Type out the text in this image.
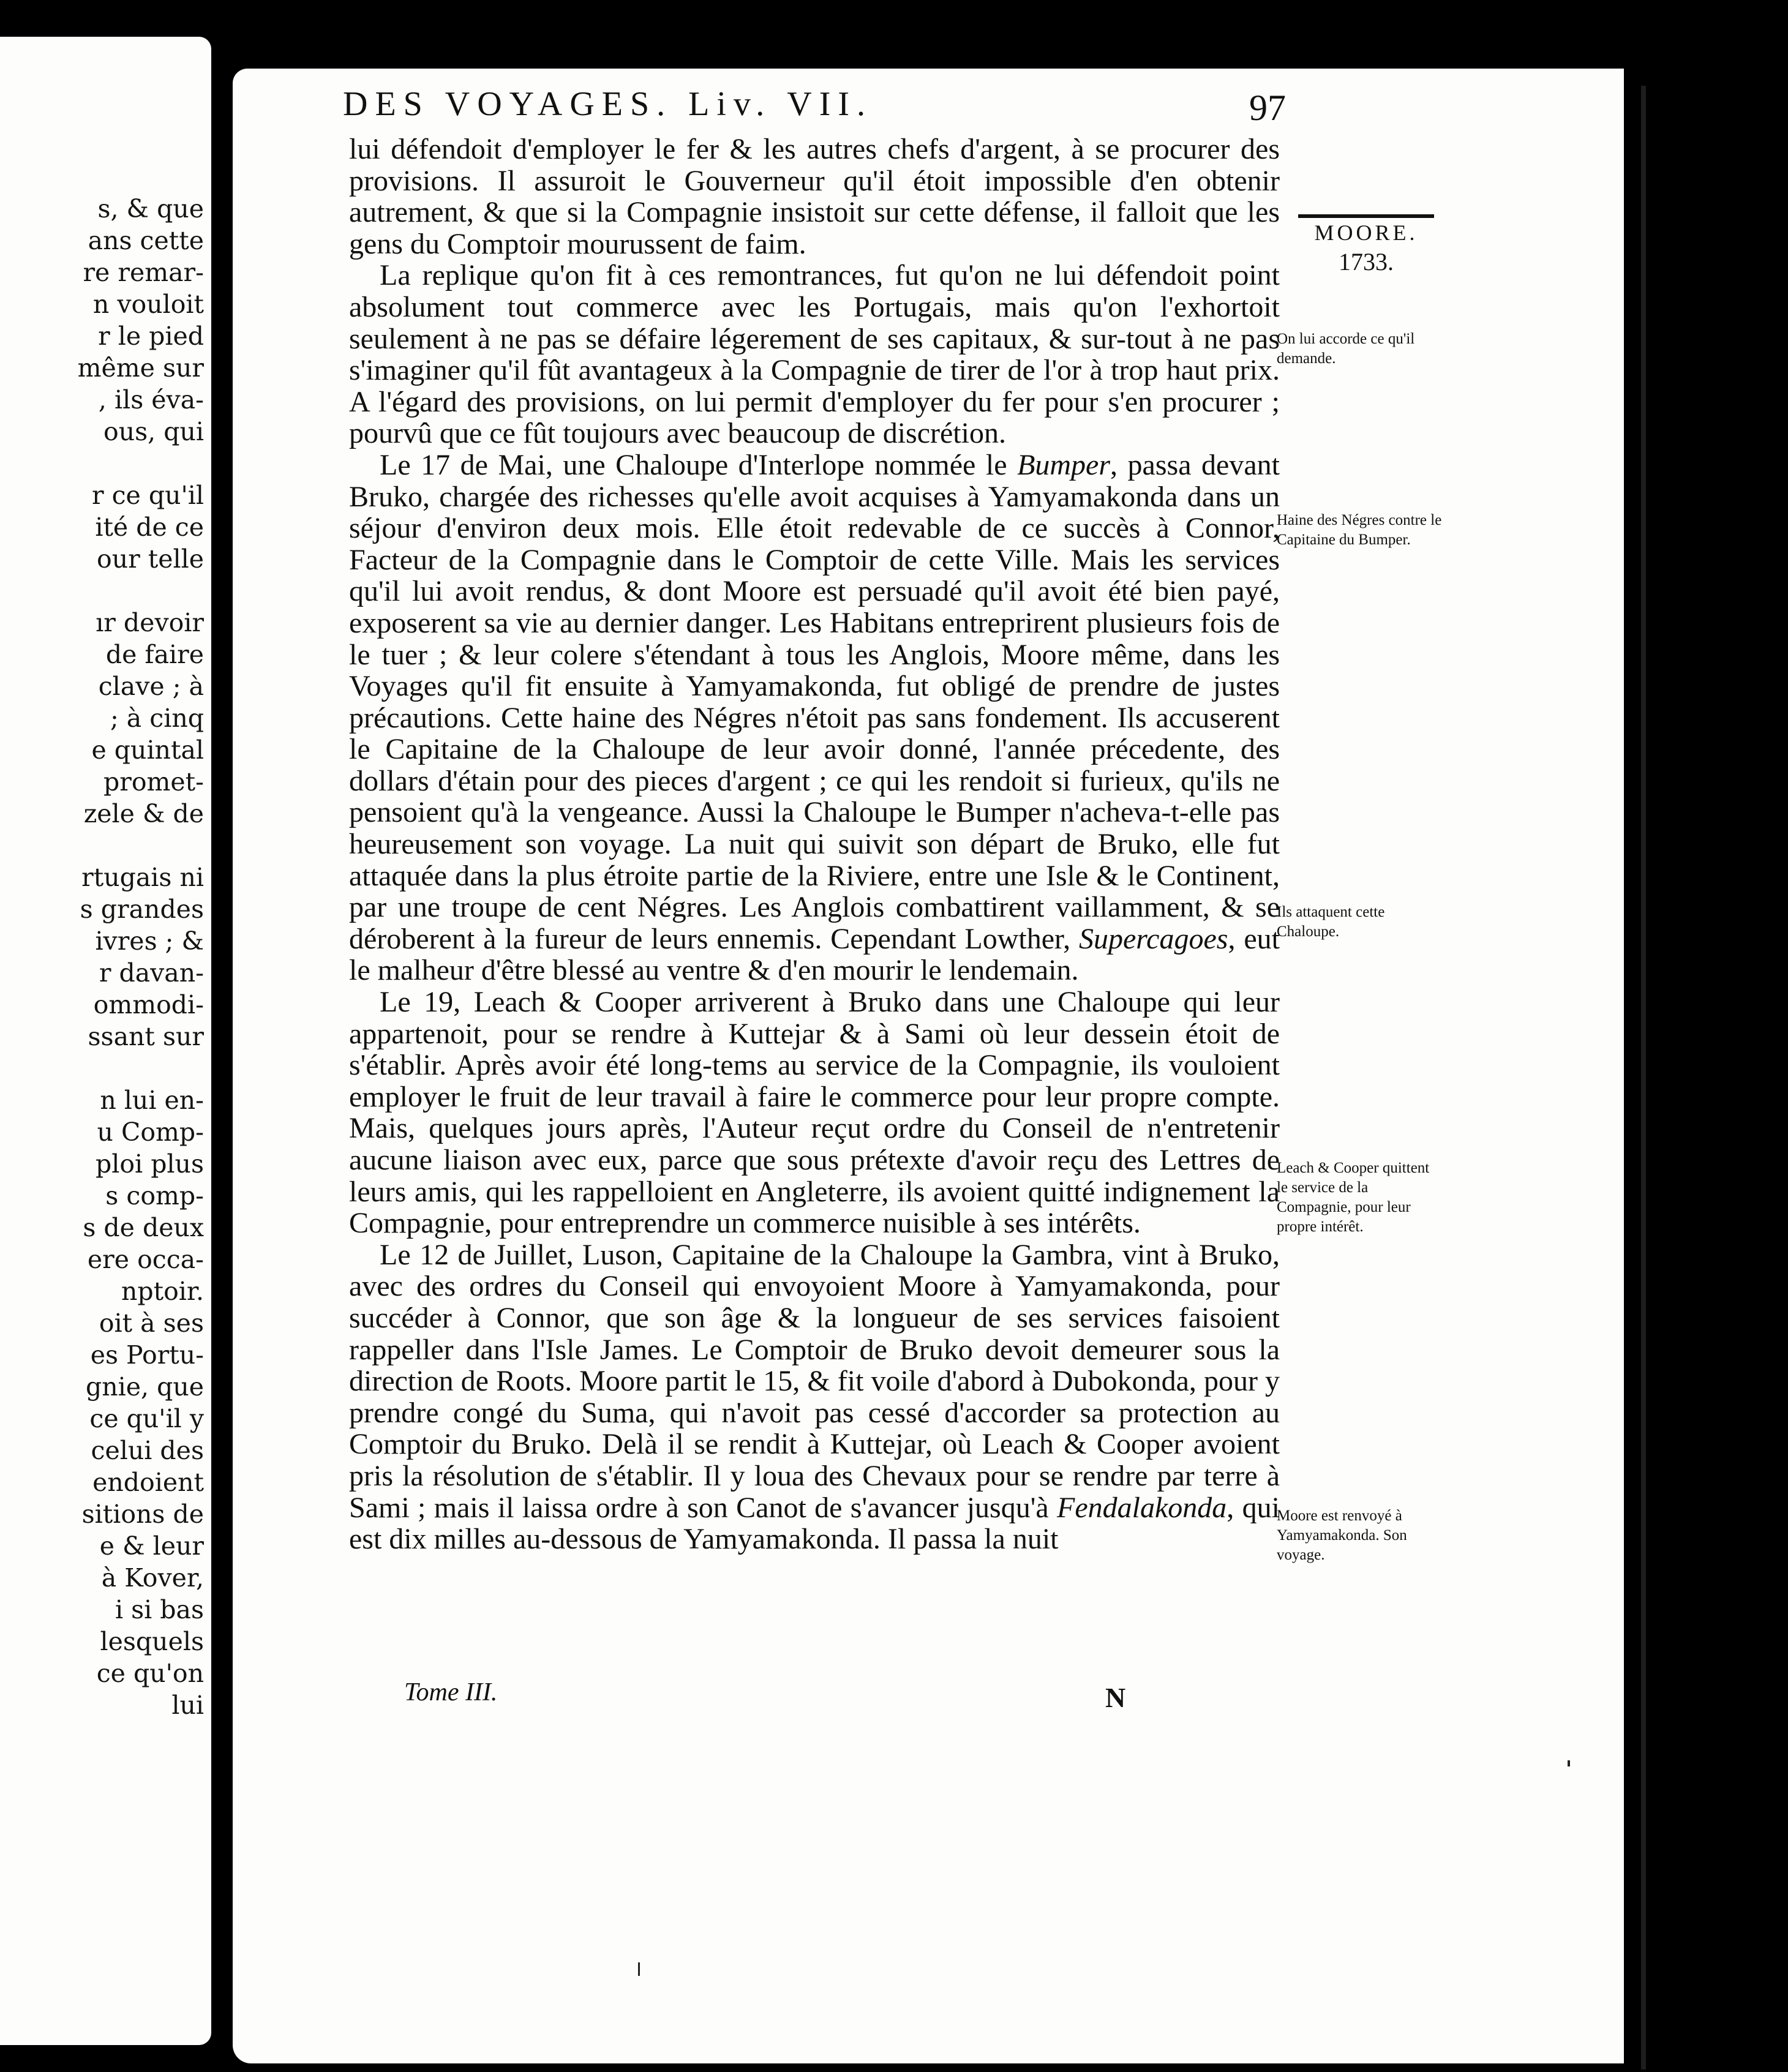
s, & que
ans cette
re remar-
n vouloit
r le pied
même sur
, ils éva-
ous, qui
r ce qu'il
ité de ce
our telle
ır devoir
de faire
clave ; à
; à cinq
e quintal
promet-
zele & de
rtugais ni
s grandes
ivres ; &
r davan-
ommodi-
ssant sur
n lui en-
u Comp-
ploi plus
s comp-
s de deux
ere occa-
nptoir.
oit à ses
es Portu-
gnie, que
ce qu'il y
celui des
endoient
sitions de
e & leur
à Kover,
i si bas
lesquels
ce qu'on
lui
DES VOYAGES. Liv. VII.	97
MOORE.
1733.
On lui accorde ce qu'il demande.
Haine des Négres contre le Capitaine du Bumper.
Ils attaquent cette Chaloupe.
Leach & Cooper quittent le service de la Compagnie, pour leur propre intérêt.
Moore est renvoyé à Yamyamakonda. Son voyage.

lui défendoit d'employer le fer & les autres chefs d'argent, à se procurer des provisions. Il assuroit le Gouverneur qu'il étoit impossible d'en obtenir autrement, & que si la Compagnie insistoit sur cette défense, il falloit que les gens du Comptoir mourussent de faim.

La replique qu'on fit à ces remontrances, fut qu'on ne lui défendoit point absolument tout commerce avec les Portugais, mais qu'on l'exhortoit seulement à ne pas se défaire légerement de ses capitaux, & sur-tout à ne pas s'imaginer qu'il fût avantageux à la Compagnie de tirer de l'or à trop haut prix. A l'égard des provisions, on lui permit d'employer du fer pour s'en procurer ; pourvû que ce fût toujours avec beaucoup de discrétion.

Le 17 de Mai, une Chaloupe d'Interlope nommée le Bumper, passa devant Bruko, chargée des richesses qu'elle avoit acquises à Yamyamakonda dans un séjour d'environ deux mois. Elle étoit redevable de ce succès à Connor, Facteur de la Compagnie dans le Comptoir de cette Ville. Mais les services qu'il lui avoit rendus, & dont Moore est persuadé qu'il avoit été bien payé, exposerent sa vie au dernier danger. Les Habitans entreprirent plusieurs fois de le tuer ; & leur colere s'étendant à tous les Anglois, Moore même, dans les Voyages qu'il fit ensuite à Yamyamakonda, fut obligé de prendre de justes précautions. Cette haine des Négres n'étoit pas sans fondement. Ils accuserent le Capitaine de la Chaloupe de leur avoir donné, l'année précedente, des dollars d'étain pour des pieces d'argent ; ce qui les rendoit si furieux, qu'ils ne pensoient qu'à la vengeance. Aussi la Chaloupe le Bumper n'acheva-t-elle pas heureusement son voyage. La nuit qui suivit son départ de Bruko, elle fut attaquée dans la plus étroite partie de la Riviere, entre une Isle & le Continent, par une troupe de cent Négres. Les Anglois combattirent vaillamment, & se déroberent à la fureur de leurs ennemis. Cependant Lowther, Supercagoes, eut le malheur d'être blessé au ventre & d'en mourir le lendemain.

Le 19, Leach & Cooper arriverent à Bruko dans une Chaloupe qui leur appartenoit, pour se rendre à Kuttejar & à Sami où leur dessein étoit de s'établir. Après avoir été long-tems au service de la Compagnie, ils vouloient employer le fruit de leur travail à faire le commerce pour leur propre compte. Mais, quelques jours après, l'Auteur reçut ordre du Conseil de n'entretenir aucune liaison avec eux, parce que sous prétexte d'avoir reçu des Lettres de leurs amis, qui les rappelloient en Angleterre, ils avoient quitté indignement la Compagnie, pour entreprendre un commerce nuisible à ses intérêts.

Le 12 de Juillet, Luson, Capitaine de la Chaloupe la Gambra, vint à Bruko, avec des ordres du Conseil qui envoyoient Moore à Yamyamakonda, pour succéder à Connor, que son âge & la longueur de ses services faisoient rappeller dans l'Isle James. Le Comptoir de Bruko devoit demeurer sous la direction de Roots. Moore partit le 15, & fit voile d'abord à Dubokonda, pour y prendre congé du Suma, qui n'avoit pas cessé d'accorder sa protection au Comptoir du Bruko. Delà il se rendit à Kuttejar, où Leach & Cooper avoient pris la résolution de s'établir. Il y loua des Chevaux pour se rendre par terre à Sami ; mais il laissa ordre à son Canot de s'avancer jusqu'à Fendalakonda, qui est dix milles au-dessous de Yamyamakonda. Il passa la nuit

Tome III.	N
